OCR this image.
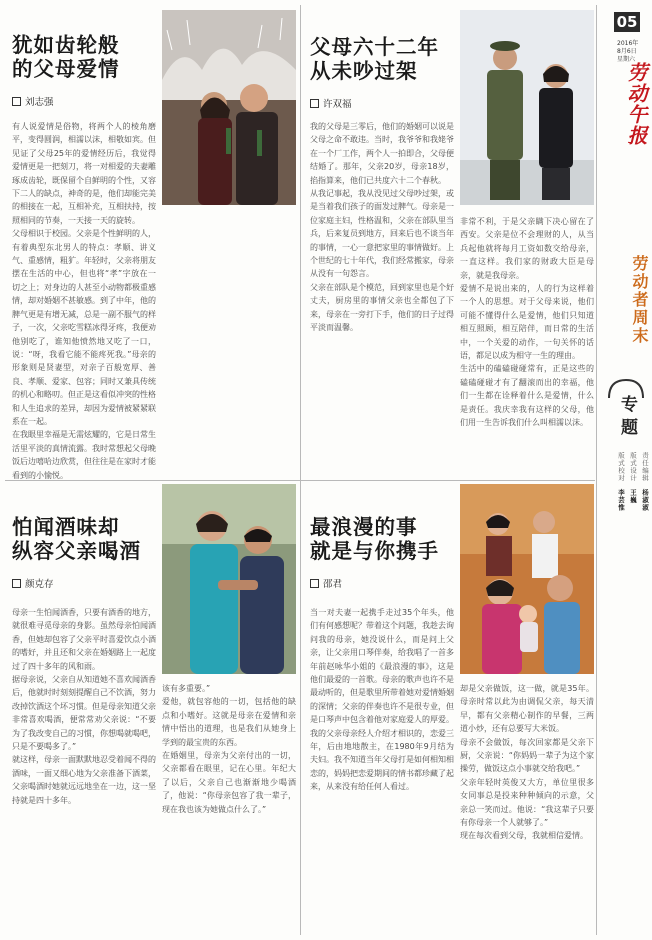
犹如齿轮般
的父母爱情
刘志强
有人说爱情是俗物，将两个人的棱角磨平，变得圆润，相濡以沫，相敬如宾。但见证了父母25年的爱情经历后，我觉得爱情更是一把刻刀，将一对相爱的夫妻雕琢成齿轮，既保留个自鲜明的个性，又容下二人的缺点，神奇的是，他们却能完美的相接在一起，互相补充，互相扶持，按照相同的节奏，一天接一天的旋转。
父母相识于校园。父亲是个性鲜明的人，有着典型东北男人的特点：孝顺、讲义气、重感情，粗犷。年轻时，父亲将朋友摆在生活的中心，但也将“孝”字放在一切之上；对身边的人甚至小动物都极重感情，却对婚姻不甚敏感。到了中年，他的脾气更是有增无减，总是一副不服气的样子，一次，父亲吃雪糕冰得牙疼，我便劝他别吃了，谁知他愤然地又吃了一口，说：“呀，我看它能不能疼死我。”母亲的形象则是贤妻型，对亲子百般宽厚、善良、孝顺、爱家、包容；同时又兼具传统的机心和略叨。但正是这看似冲突的性格和人生追求的差异，却因为爱情被紧紧联系在一起。
在我眼里幸福是无需炫耀的，它是日常生活里平淡的真情流露。我时常想起父母晚饭后边嘻哈边欣赏，但往往是在家时才能看到的小愉悦。
父母六十二年
从未吵过架
许双福
我的父母是三零后，他们的婚姻可以说是父母之命不敢违。当时，我爷爷和我姥爷在一个厂工作，两个人一拍即合，父母便结婚了。那年，父亲20岁，母亲18岁，掐指算来，他们已共度六十二个春秋。
从我记事起，我从没见过父母吵过架，或是当着我们孩子的面发过脾气。母亲是一位家庭主妇，性格温和，父亲在部队里当兵，后来复员到地方，回来后也不谈当年的事情，一心一意把家里的事情做好。上个世纪的七十年代，我们经常搬家，母亲从没有一句怨言。
父亲在部队是个模范，回到家里也是个好丈夫，厨房里的事情父亲也全都包了下来，母亲在一旁打下手，他们的日子过得平淡而温馨。
非常不利，于是父亲瞒下决心留在了西安。父亲是位不会理财的人，从当兵起他就将每月工资如数交给母亲，一直这样。我们家的财政大臣是母亲，就是我母亲。
爱情不是说出来的，人的行为这样着一个人的思想。对于父母来说，他们可能不懂得什么是爱情，他们只知道相互照顾，相互陪伴，而日常的生活中，一个关爱的动作，一句关怀的话语，都足以成为相守一生的理由。
生活中的磕磕碰碰常有，正是这些的磕磕碰碰才有了翻滚而出的幸福，他们一生都在诠释着什么是爱情，什么是责任。我庆幸我有这样的父母，他们用一生告诉我们什么叫相濡以沫。
怕闻酒味却
纵容父亲喝酒
颜克存
母亲一生怕闻酒香，只要有酒香的地方，就很难寻觅母亲的身影。虽然母亲怕闻酒香，但她却包容了父亲平时喜爱饮点小酒的嗜好，并且还和父亲在婚姻路上一起度过了四十多年的风和雨。
据母亲说，父亲自从知道她不喜欢闻酒香后，他就时时刻刻提醒自己不饮酒，努力改掉饮酒这个坏习惯。但是母亲知道父亲非常喜欢喝酒，便常常劝父亲说：“不要为了我改变自己的习惯，你想喝就喝吧，只是不要喝多了。”
就这样，母亲一面默默地忍受着闻不得的酒味，一面又细心地为父亲准备下酒菜，父亲喝酒时她就远远地坐在一边，这一坚持就是四十多年。
该有多重要。”
爱他，就包容他的一切，包括他的缺点和小嗜好。这就是母亲在爱情和亲情中悟出的道理，也是我们从她身上学到的最宝贵的东西。
在婚姻里，母亲为父亲付出的一切，父亲都看在眼里，记在心里。年纪大了以后，父亲自己也渐渐地少喝酒了，他说：“你母亲包容了我一辈子，现在我也该为她做点什么了。”
最浪漫的事
就是与你携手
邵君
当一对夫妻一起携手走过35个年头，他们有何感想呢？带着这个问题，我趁去询问我的母亲，她没说什么，而是问上父亲，让父亲用口琴伴奏，给我唱了一首多年前赵咏华小姐的《最浪漫的事》，这是他们最爱的一首歌。母亲的歌声也许不是最动听的，但是歌里所带着她对爱情婚姻的深情；父亲的伴奏也许不是很专业，但是口琴声中包含着他对家庭爱人的厚爱。
我的父亲母亲经人介绍才相识的，恋爱三年，后由地地散主，在1980年9月结为夫妇。我不知道当年父母打是如何相知相恋的，妈妈把恋爱期间的情书都珍藏了起来，从来没有给任何人看过。
却是父亲做饭，这一做，就是35年。母亲时常以此为由调侃父亲，每天清早，都有父亲精心制作的早餐，三两道小炒，还有总要写大米饭。
母亲不会做饭，每次回家都是父亲下厨，父亲说：“你妈妈一辈子为这个家操劳，做饭这点小事就交给我吧。”
父亲年轻时英俊又大方，单位里很多女同事总是投来种种倾向的示意，父亲总一笑而过。他说：“我这辈子只要有你母亲一个人就够了。”
现在每次看到父母，我就相信爱情。
05
2016年
8月6日
星期六
劳动午报
劳动者周末
专题
责任编辑 杨淑淑
版式设计 王巍
版式校对 李芸惟
